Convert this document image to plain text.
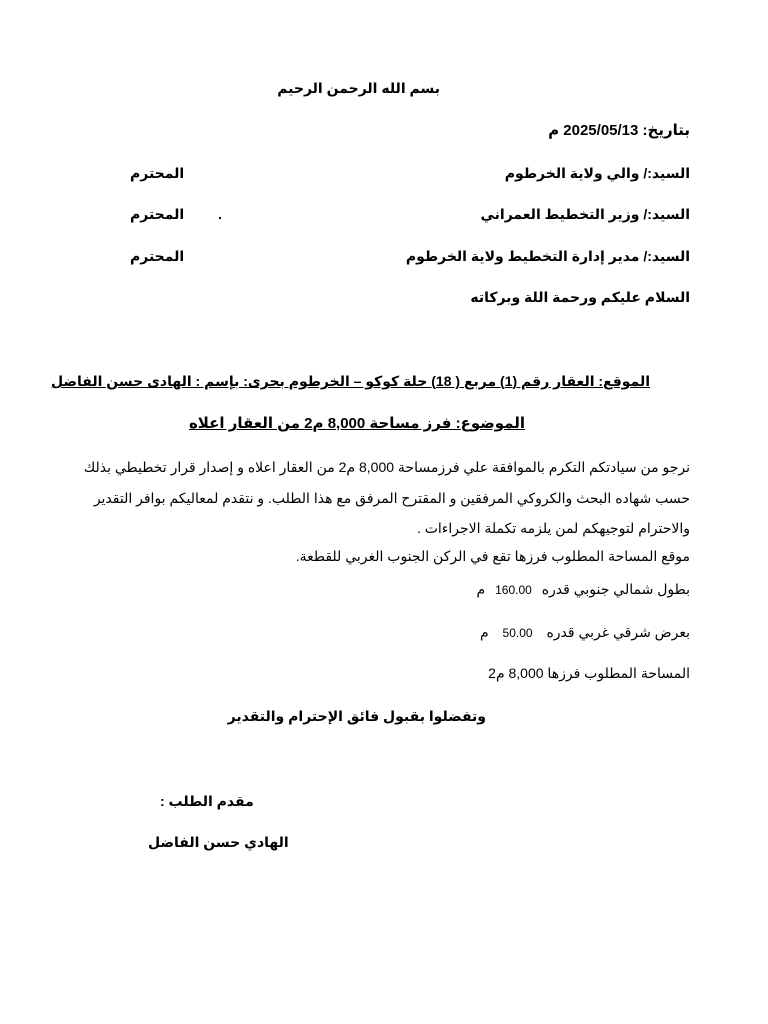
بسم الله الرحمن الرحيم
بتاريخ: 2025/05/13 م
السيد:/ والي ولاية الخرطوم
المحترم
السيد:/ وزير التخطيط العمراني
.
المحترم
السيد:/ مدير إدارة التخطيط ولاية الخرطوم
المحترم
السلام عليكم ورحمة اللة وبركاته
الموقع: العقار رقم (1) مربع ( 18) حلة كوكو – الخرطوم بحرى: بإسم : الهادى حسن الفاضل
الموضوع: فرز مساحة 8,000 م2 من العقار اعلاه
نرجو من سيادتكم التكرم بالموافقة علي فرزمساحة 8,000 م2 من العقار اعلاه و إصدار قرار تخطيطي بذلك
حسب شهاده البحث والكروكي المرفقين و المقترح المرفق مع هذا الطلب. و نتقدم لمعاليكم بوافر التقدير
والاحترام لتوجيهكم لمن يلزمه تكملة الاجراءات .
موقع المساحة المطلوب فرزها تقع في الركن الجنوب الغربي للقطعة.
بطول شمالي جنوبي قدره 160.00 م
بعرض شرقي غربي قدره 50.00 م
المساحة المطلوب فرزها 8,000 م2
وتفضلوا بقبول فائق الإحترام والتقدير
مقدم الطلب :
الهادي حسن الفاضل
